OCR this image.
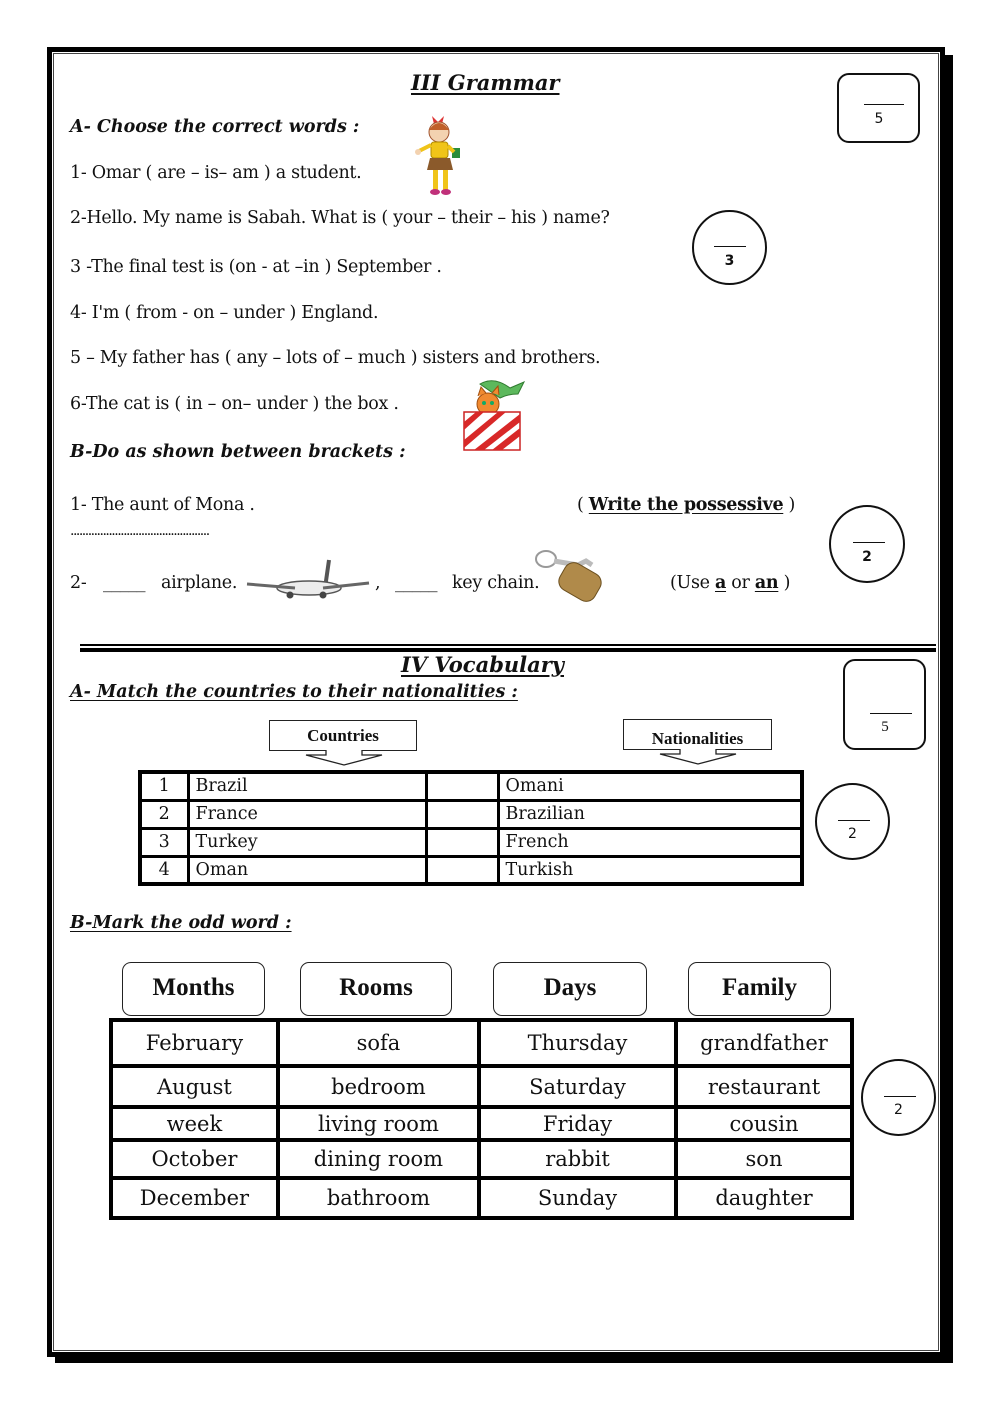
III Grammar
5
A- Choose the correct words :
1- Omar ( are – is– am ) a student.
2-Hello. My name is Sabah. What is ( your – their – his ) name?
3
3 -The final test is (on - at –in ) September .
4- I'm ( from - on – under ) England.
5 – My father has ( any – lots of – much ) sisters and brothers.
6-The cat is ( in – on– under ) the box .
B-Do as shown between brackets :
1- The aunt of Mona .	( Write the possessive )
...............................................
2
2- _____ airplane.	, _____ key chain.	(Use a or an )
IV Vocabulary
5
A- Match the countries to their nationalities :
Countries	Nationalities
1	Brazil		Omani
2	France		Brazilian
3	Turkey		French
4	Oman		Turkish
2
B-Mark the odd word :
Months	Rooms	Days	Family
February	sofa	Thursday	grandfather
August	bedroom	Saturday	restaurant
week	living room	Friday	cousin
October	dining room	rabbit	son
December	bathroom	Sunday	daughter
2
